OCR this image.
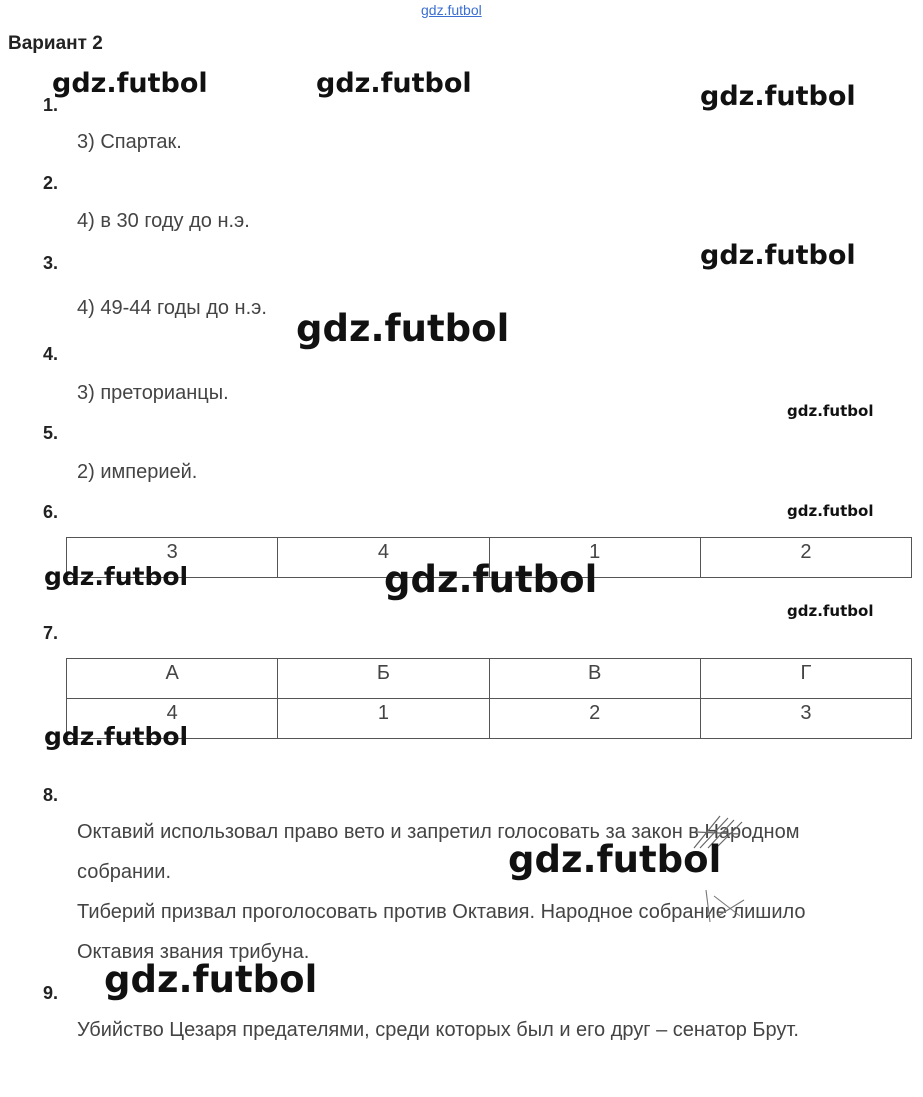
gdz.futbol
Вариант 2
1.
3) Спартак.
2.
4) в 30 году до н.э.
3.
4) 49-44 годы до н.э.
4.
3) преторианцы.
5.
2) империей.
6.
3	4	1	2
7.
А	Б	В	Г
4	1	2	3
8.
Октавий использовал право вето и запретил голосовать за закон в Народном собрании.
Тиберий призвал проголосовать против Октавия. Народное собрание лишило Октавия звания трибуна.
9.
Убийство Цезаря предателями, среди которых был и его друг – сенатор Брут.
gdz.futbol	gdz.futbol	gdz.futbol
gdz.futbol
gdz.futbol
gdz.futbol
gdz.futbol
gdz.futbol	gdz.futbol
gdz.futbol
gdz.futbol
gdz.futbol
gdz.futbol
